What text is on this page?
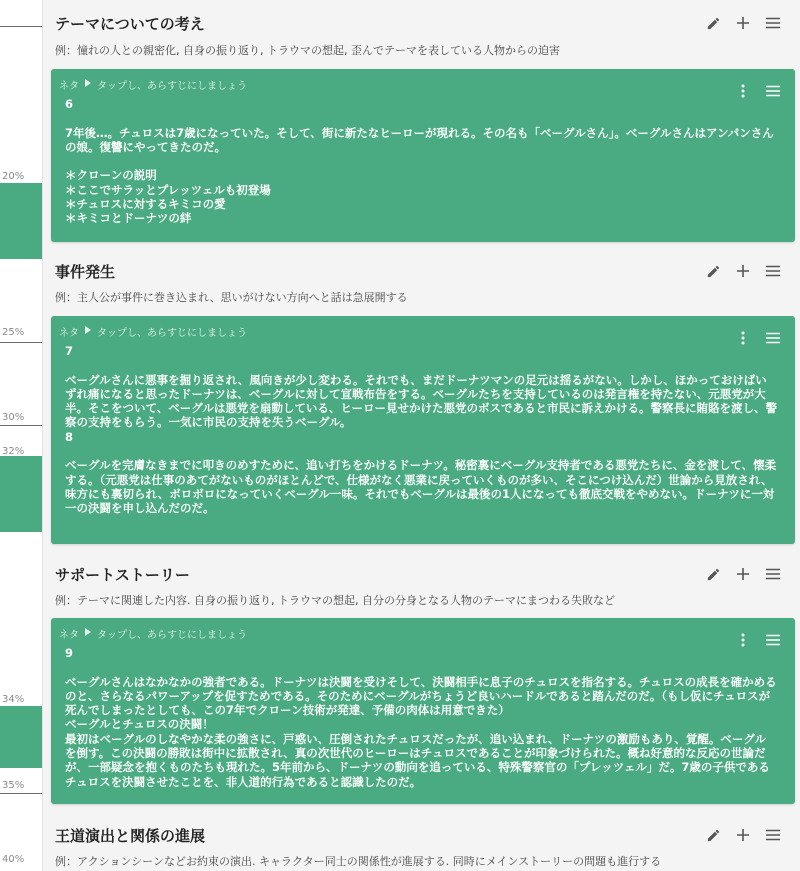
20%
25%
30%
32%
34%
35%
40%
テーマについての考え
例：憧れの人との親密化, 自身の振り返り, トラウマの想起, 歪んでテーマを表している人物からの迫害
ネタ タップし、あらすじにしましょう
6

7年後…。チュロスは7歳になっていた。そして、街に新たなヒーローが現れる。その名も「ベーグルさん」。ベーグルさんはアンパンさんの娘。復讐にやってきたのだ。

＊クローンの説明
＊ここでサラッとプレッツェルも初登場
＊チュロスに対するキミコの愛
＊キミコとドーナツの絆
事件発生
例：主人公が事件に巻き込まれ、思いがけない方向へと話は急展開する
ネタ タップし、あらすじにしましょう
7

ベーグルさんに悪事を掘り返され、風向きが少し変わる。それでも、まだドーナツマンの足元は揺るがない。しかし、ほかっておけばいずれ痛になると思ったドーナツは、ベーグルに対して宣戦布告をする。ベーグルたちを支持しているのは発言権を持たない、元悪党が大半。そこをついて、ベーグルは悪党を扇動している、ヒーロー見せかけた悪党のボスであると市民に訴えかける。警察長に賄賂を渡し、警察の支持をもらう。一気に市民の支持を失うベーグル。
8

ベーグルを完膚なきまでに叩きのめすために、追い打ちをかけるドーナツ。秘密裏にベーグル支持者である悪党たちに、金を渡して、懐柔する。（元悪党は仕事のあてがないものがほとんどで、仕様がなく悪業に戻っていくものが多い、そこにつけ込んだ）世論から見放され、味方にも裏切られ、ボロボロになっていくベーグル一味。それでもベーグルは最後の1人になっても徹底交戦をやめない。ドーナツに一対一の決闘を申し込んだのだ。
サポートストーリー
例：テーマに関連した内容. 自身の振り返り, トラウマの想起, 自分の分身となる人物のテーマにまつわる失敗など
ネタ タップし、あらすじにしましょう
9

ベーグルさんはなかなかの強者である。ドーナツは決闘を受けそして、決闘相手に息子のチュロスを指名する。チュロスの成長を確かめるのと、さらなるパワーアップを促すためである。そのためにベーグルがちょうど良いハードルであると踏んだのだ。（もし仮にチュロスが死んでしまったとしても、この7年でクローン技術が発達、予備の肉体は用意できた）
ベーグルとチュロスの決闘！
最初はベーグルのしなやかな柔の強さに、戸惑い、圧倒されたチュロスだったが、追い込まれ、ドーナツの激励もあり、覚醒。ベーグルを倒す。この決闘の勝敗は街中に拡散され、真の次世代のヒーローはチュロスであることが印象づけられた。概ね好意的な反応の世論だが、一部疑念を抱くものたちも現れた。5年前から、ドーナツの動向を追っている、特殊警察官の「プレッツェル」だ。7歳の子供であるチュロスを決闘させたことを、非人道的行為であると認識したのだ。
王道演出と関係の進展
例：アクションシーンなどお約束の演出. キャラクター同士の関係性が進展する. 同時にメインストーリーの問題も進行する
